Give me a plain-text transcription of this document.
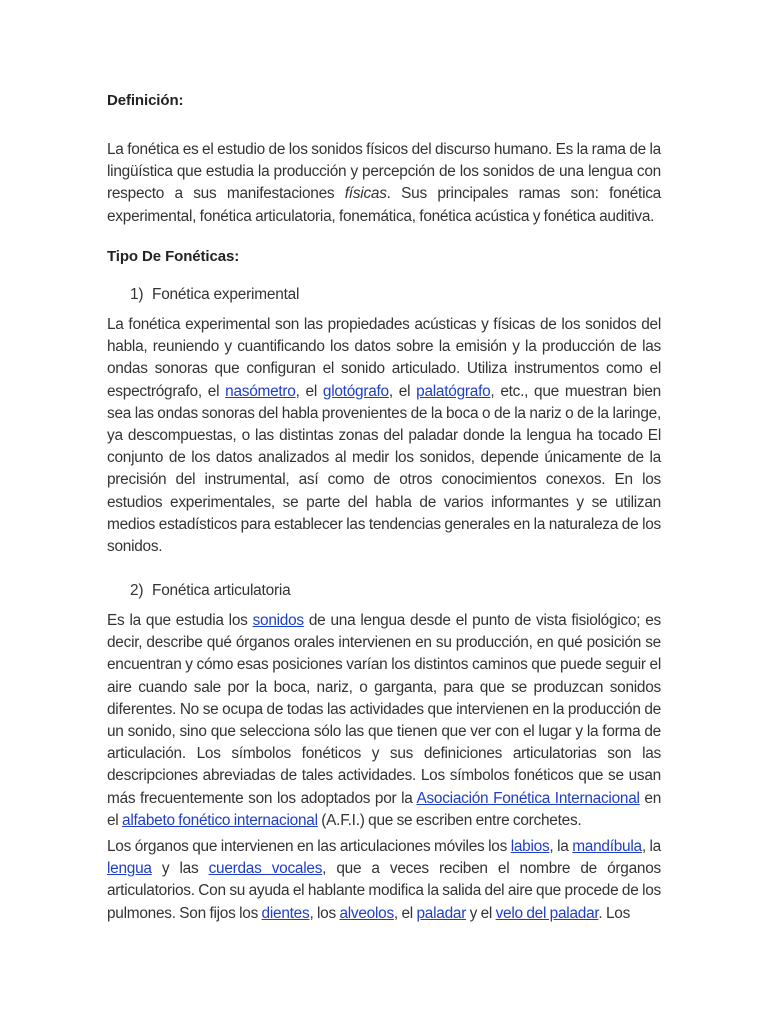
Definición:

La fonética es el estudio de los sonidos físicos del discurso humano. Es la rama de la lingüística que estudia la producción y percepción de los sonidos de una lengua con respecto a sus manifestaciones físicas. Sus principales ramas son: fonética experimental, fonética articulatoria, fonemática, fonética acústica y fonética auditiva.

Tipo De Fonéticas:
1) Fonética experimental

La fonética experimental son las propiedades acústicas y físicas de los sonidos del habla, reuniendo y cuantificando los datos sobre la emisión y la producción de las ondas sonoras que configuran el sonido articulado. Utiliza instrumentos como el espectrógrafo, el nasómetro, el glotógrafo, el palatógrafo, etc., que muestran bien sea las ondas sonoras del habla provenientes de la boca o de la nariz o de la laringe, ya descompuestas, o las distintas zonas del paladar donde la lengua ha tocado El conjunto de los datos analizados al medir los sonidos, depende únicamente de la precisión del instrumental, así como de otros conocimientos conexos. En los estudios experimentales, se parte del habla de varios informantes y se utilizan medios estadísticos para establecer las tendencias generales en la naturaleza de los sonidos.

2) Fonética articulatoria

Es la que estudia los sonidos de una lengua desde el punto de vista fisiológico; es decir, describe qué órganos orales intervienen en su producción, en qué posición se encuentran y cómo esas posiciones varían los distintos caminos que puede seguir el aire cuando sale por la boca, nariz, o garganta, para que se produzcan sonidos diferentes. No se ocupa de todas las actividades que intervienen en la producción de un sonido, sino que selecciona sólo las que tienen que ver con el lugar y la forma de articulación. Los símbolos fonéticos y sus definiciones articulatorias son las descripciones abreviadas de tales actividades. Los símbolos fonéticos que se usan más frecuentemente son los adoptados por la Asociación Fonética Internacional en el alfabeto fonético internacional (A.F.I.) que se escriben entre corchetes.

Los órganos que intervienen en las articulaciones móviles los labios, la mandíbula, la lengua y las cuerdas vocales, que a veces reciben el nombre de órganos articulatorios. Con su ayuda el hablante modifica la salida del aire que procede de los pulmones. Son fijos los dientes, los alveolos, el paladar y el velo del paladar. Los
